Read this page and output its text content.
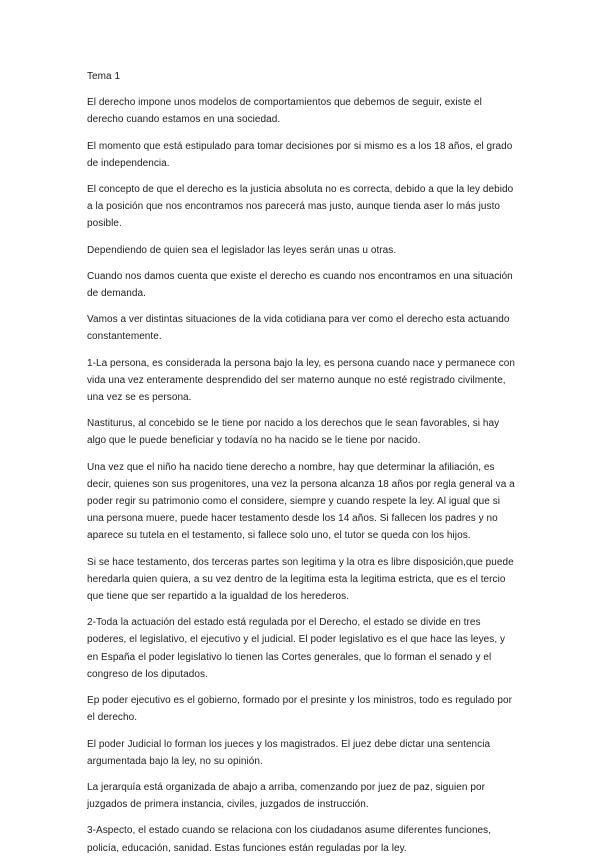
Tema 1

El derecho impone unos modelos de comportamientos que debemos de seguir, existe el derecho cuando estamos en una sociedad.

El momento que está estipulado para tomar decisiones por si mismo es a los 18 años, el grado de independencia.

El concepto de que el derecho es la justicia absoluta no es correcta, debido a que la ley debido a la posición que nos encontramos nos parecerá mas justo, aunque tienda aser lo más justo posible.

Dependiendo de quien sea el legislador las leyes serán unas u otras.

Cuando nos damos cuenta que existe el derecho es cuando nos encontramos en una situación de demanda.

Vamos a ver distintas situaciones de la vida cotidiana para ver como el derecho esta actuando constantemente.

1-La persona, es considerada la persona bajo la ley, es persona cuando nace y permanece con vida una vez enteramente desprendido del ser materno aunque no esté registrado civilmente, una vez se es persona.

Nastiturus, al concebido se le tiene por nacido a los derechos que le sean favorables, si hay algo que le puede beneficiar y todavía no ha nacido se le tiene por nacido.

Una vez que el niño ha nacido tiene derecho a nombre, hay que determinar la afiliación, es decir, quienes son sus progenitores, una vez la persona alcanza 18 años por regla general va a poder regir su patrimonio como el considere, siempre y cuando respete la ley. Al igual que si una persona muere, puede hacer testamento desde los 14 años. Si fallecen los padres y no aparece su tutela en el testamento, si fallece solo uno, el tutor se queda con los hijos.

Si se hace testamento, dos terceras partes son legitima y la otra es libre disposición,que puede heredarla quien quiera, a su vez dentro de la legitima esta la legitima estricta, que es el tercio que tiene que ser repartido a la igualdad de los herederos.

2-Toda la actuación del estado está regulada por el Derecho, el estado se divide en tres poderes, el legislativo, el ejecutivo y el judicial. El poder legislativo es el que hace las leyes, y en España el poder legislativo lo tienen las Cortes generales, que lo forman el senado y el congreso de los diputados.

Ep poder ejecutivo es el gobierno, formado por el presinte y los ministros, todo es regulado por el derecho.

El poder Judicial lo forman los jueces y los magistrados. El juez debe dictar una sentencia argumentada bajo la ley, no su opinión.

La jerarquía está organizada de abajo a arriba, comenzando por juez de paz, siguien por juzgados de primera instancia, civiles, juzgados de instrucción.

3-Aspecto, el estado cuando se relaciona con los ciudadanos asume diferentes funciones, policía, educación, sanidad. Estas funciones están reguladas por la ley.
